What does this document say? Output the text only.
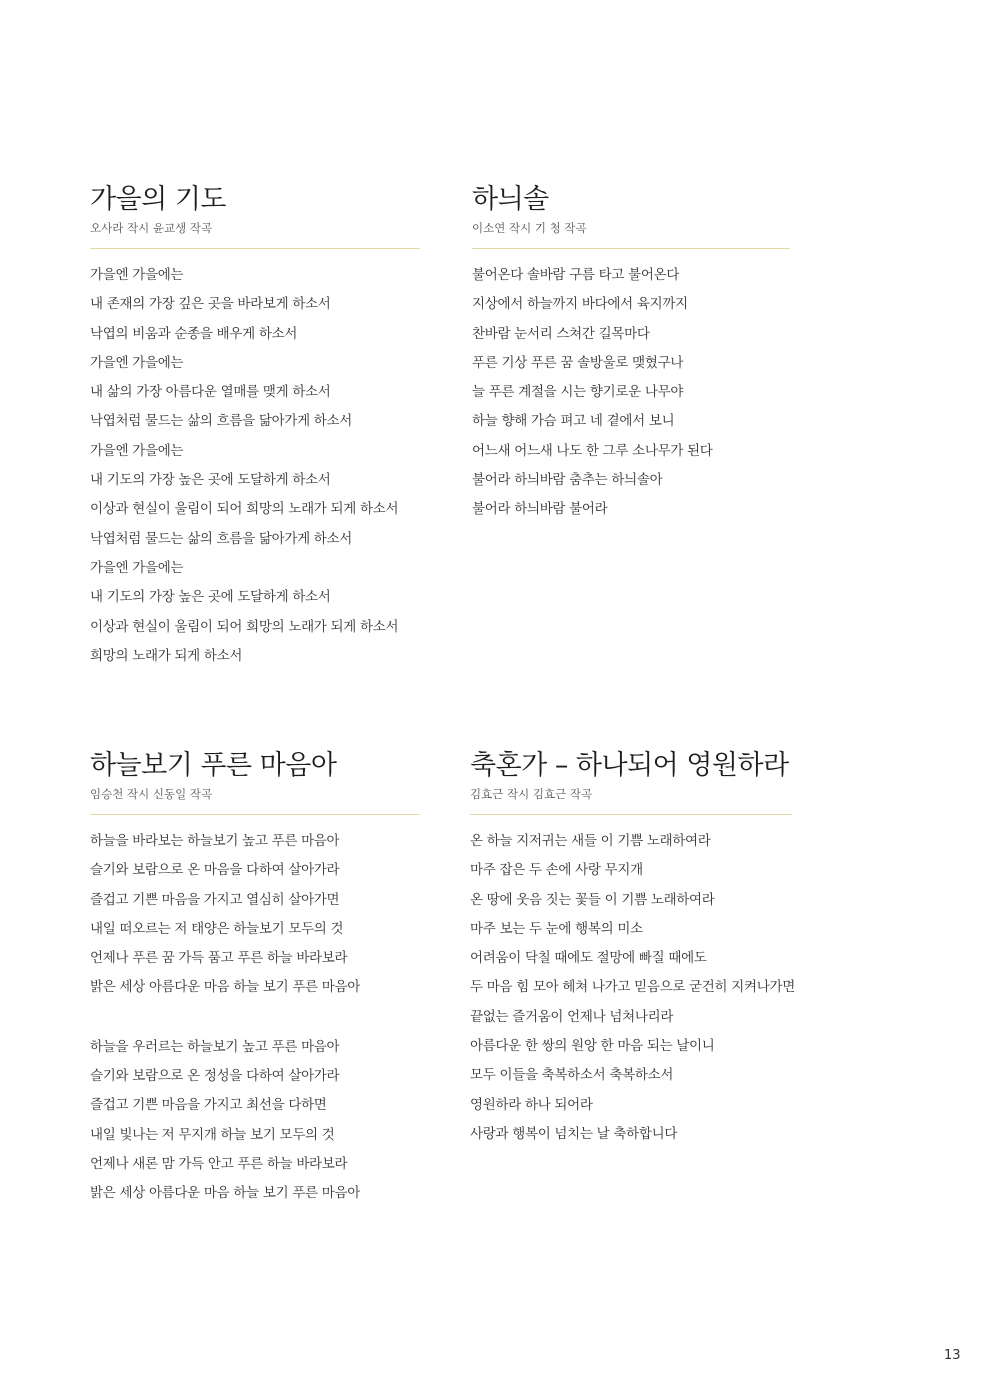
가을의 기도
오사라 작시 윤교생 작곡
가을엔 가을에는
내 존재의 가장 깊은 곳을 바라보게 하소서
낙엽의 비움과 순종을 배우게 하소서
가을엔 가을에는
내 삶의 가장 아름다운 열매를 맺게 하소서
낙엽처럼 물드는 삶의 흐름을 닮아가게 하소서
가을엔 가을에는
내 기도의 가장 높은 곳에 도달하게 하소서
이상과 현실이 울림이 되어 희망의 노래가 되게 하소서
낙엽처럼 물드는 삶의 흐름을 닮아가게 하소서
가을엔 가을에는
내 기도의 가장 높은 곳에 도달하게 하소서
이상과 현실이 울림이 되어 희망의 노래가 되게 하소서
희망의 노래가 되게 하소서
하늬솔
이소연 작시 기 청 작곡
불어온다 솔바람 구름 타고 불어온다
지상에서 하늘까지 바다에서 육지까지
찬바람 눈서리 스쳐간 길목마다
푸른 기상 푸른 꿈 솔방울로 맺혔구나
늘 푸른 계절을 시는 향기로운 나무야
하늘 향해 가슴 펴고 네 곁에서 보니
어느새 어느새 나도 한 그루 소나무가 된다
불어라 하늬바람 춤추는 하늬솔아
불어라 하늬바람 불어라
하늘보기 푸른 마음아
임승천 작시 신동일 작곡
하늘을 바라보는 하늘보기 높고 푸른 마음아
슬기와 보람으로 온 마음을 다하여 살아가라
즐겁고 기쁜 마음을 가지고 열심히 살아가면
내일 떠오르는 저 태양은 하늘보기 모두의 것
언제나 푸른 꿈 가득 품고 푸른 하늘 바라보라
밝은 세상 아름다운 마음 하늘 보기 푸른 마음아
하늘을 우러르는 하늘보기 높고 푸른 마음아
슬기와 보람으로 온 정성을 다하여 살아가라
즐겁고 기쁜 마음을 가지고 최선을 다하면
내일 빛나는 저 무지개 하늘 보기 모두의 것
언제나 새론 맘 가득 안고 푸른 하늘 바라보라
밝은 세상 아름다운 마음 하늘 보기 푸른 마음아
축혼가 – 하나되어 영원하라
김효근 작시 김효근 작곡
온 하늘 지저귀는 새들 이 기쁨 노래하여라
마주 잡은 두 손에 사랑 무지개
온 땅에 웃음 짓는 꽃들 이 기쁨 노래하여라
마주 보는 두 눈에 행복의 미소
어려움이 닥칠 때에도 절망에 빠질 때에도
두 마음 힘 모아 헤쳐 나가고 믿음으로 굳건히 지켜나가면
끝없는 즐거움이 언제나 넘쳐나리라
아름다운 한 쌍의 원앙 한 마음 되는 날이니
모두 이들을 축복하소서 축복하소서
영원하라 하나 되어라
사랑과 행복이 넘치는 날 축하합니다
13
